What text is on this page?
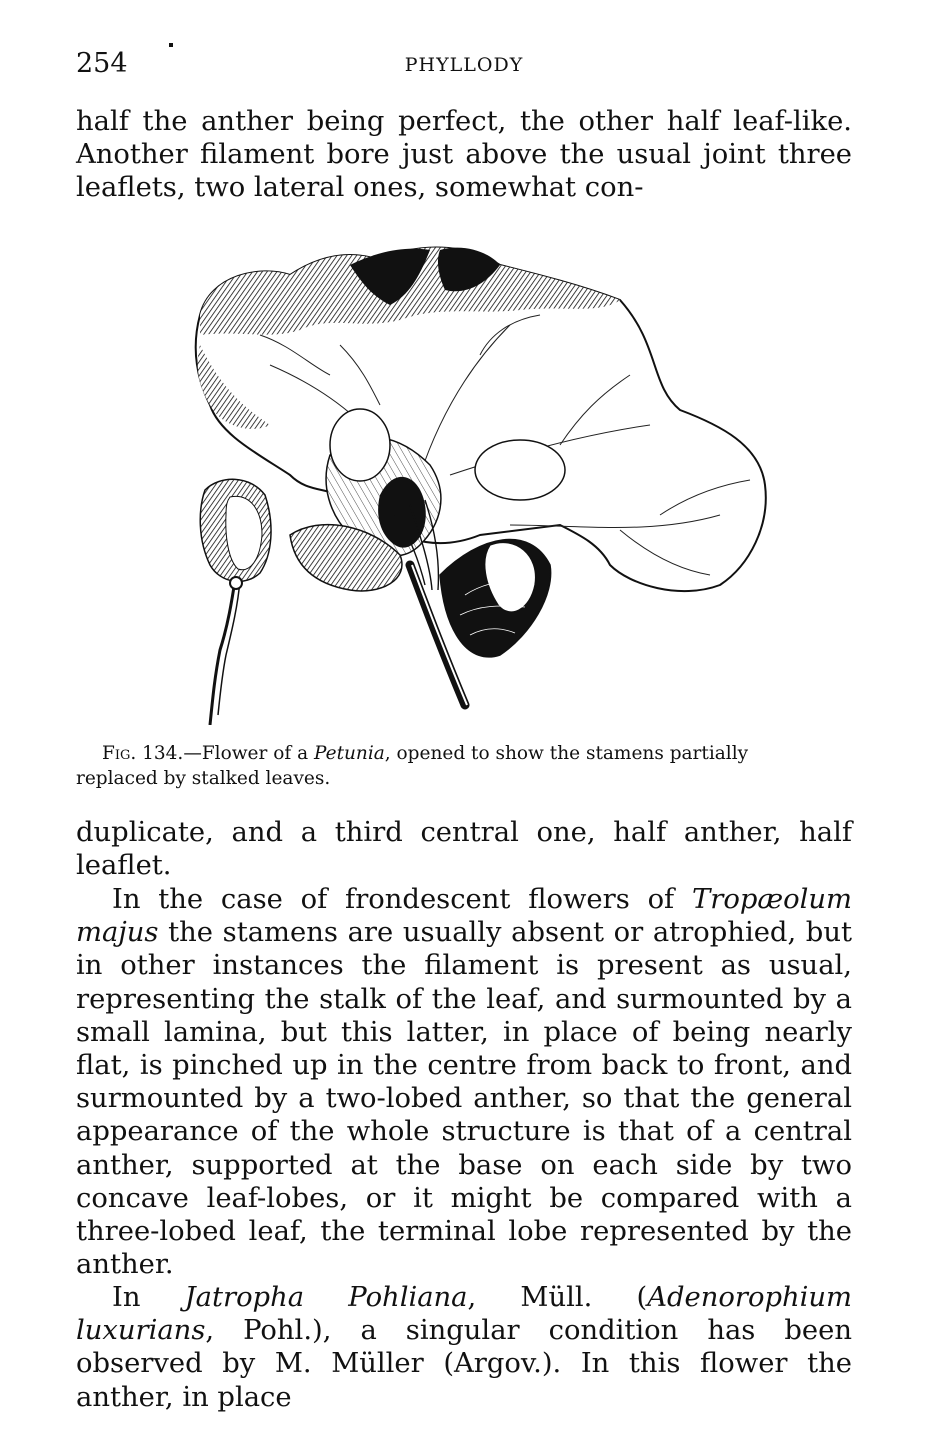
254	PHYLLODY

half the anther being perfect, the other half leaf-like. Another filament bore just above the usual joint three leaflets, two lateral ones, somewhat con-

Fig. 134.—Flower of a Petunia, opened to show the stamens partially
replaced by stalked leaves.

duplicate, and a third central one, half anther, half leaflet.

In the case of frondescent flowers of Tropæolum majus the stamens are usually absent or atrophied, but in other instances the filament is present as usual, representing the stalk of the leaf, and surmounted by a small lamina, but this latter, in place of being nearly flat, is pinched up in the centre from back to front, and surmounted by a two-lobed anther, so that the general appearance of the whole structure is that of a central anther, supported at the base on each side by two concave leaf-lobes, or it might be compared with a three-lobed leaf, the terminal lobe represented by the anther.

In Jatropha Pohliana, Müll. (Adenorophium luxurians, Pohl.), a singular condition has been observed by M. Müller (Argov.). In this flower the anther, in place
